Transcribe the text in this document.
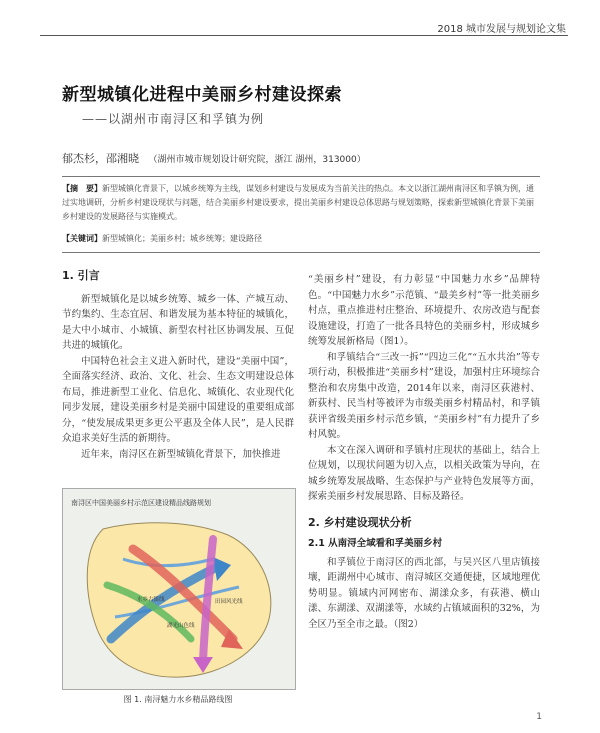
2018 城市发展与规划论文集
新型城镇化进程中美丽乡村建设探索
——以湖州市南浔区和孚镇为例
郁杰杉，邵湘晓 （湖州市城市规划设计研究院，浙江 湖州，313000）
【摘　要】新型城镇化背景下，以城乡统筹为主线，谋划乡村建设与发展成为当前关注的热点。本文以浙江湖州南浔区和孚镇为例，通过实地调研，分析乡村建设现状与问题，结合美丽乡村建设要求，提出美丽乡村建设总体思路与规划策略，探索新型城镇化背景下美丽乡村建设的发展路径与实施模式。
【关键词】新型城镇化；美丽乡村；城乡统筹；建设路径
1. 引言

新型城镇化是以城乡统筹、城乡一体、产城互动、节约集约、生态宜居、和谐发展为基本特征的城镇化，是大中小城市、小城镇、新型农村社区协调发展、互促共进的城镇化。

中国特色社会主义进入新时代，建设“美丽中国”，全面落实经济、政治、文化、社会、生态文明建设总体布局，推进新型工业化、信息化、城镇化、农业现代化同步发展，建设美丽乡村是美丽中国建设的重要组成部分，“使发展成果更多更公平惠及全体人民”，是人民群众追求美好生活的新期待。

近年来，南浔区在新型城镇化背景下，加快推进

南浔区中国美丽乡村示范区建设精品线路规划
水乡古镇线
湖光山色线
田园风光线
图 1. 南浔魅力水乡精品路线图

“美丽乡村”建设，有力彰显“中国魅力水乡”品牌特色。“中国魅力水乡”示范镇、“最美乡村”等一批美丽乡村点，重点推进村庄整治、环境提升、农房改造与配套设施建设，打造了一批各具特色的美丽乡村，形成城乡统筹发展新格局（图1）。

和孚镇结合“三改一拆”“四边三化”“五水共治”等专项行动，积极推进“美丽乡村”建设，加强村庄环境综合整治和农房集中改造，2014年以来，南浔区荻港村、新荻村、民当村等被评为市级美丽乡村精品村，和孚镇获评省级美丽乡村示范乡镇，“美丽乡村”有力提升了乡村风貌。

本文在深入调研和孚镇村庄现状的基础上，结合上位规划，以现状问题为切入点，以相关政策为导向，在城乡统筹发展战略、生态保护与产业特色发展等方面，探索美丽乡村发展思路、目标及路径。

2. 乡村建设现状分析
2.1 从南浔全域看和孚美丽乡村

和孚镇位于南浔区的西北部，与吴兴区八里店镇接壤，距湖州中心城市、南浔城区交通便捷，区域地理优势明显。镇域内河网密布、湖漾众多，有荻港、横山漾、东湖漾、双湖漾等，水域约占镇域面积的32%，为全区乃至全市之最。（图2）

1
